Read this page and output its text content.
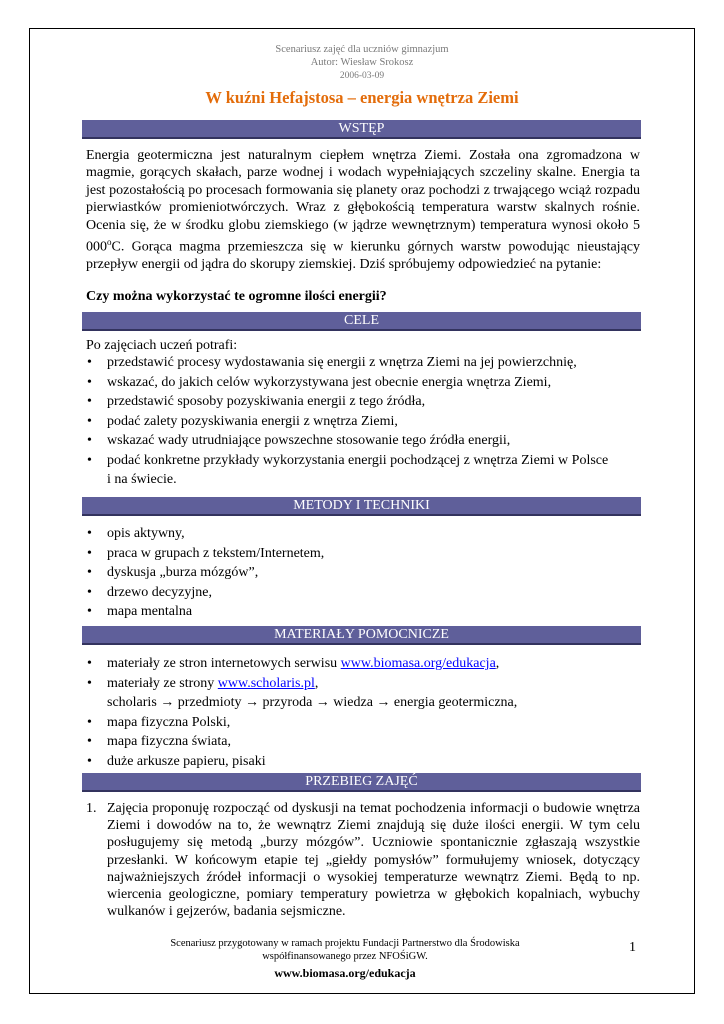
Scenariusz zajęć dla uczniów gimnazjum
Autor: Wiesław Srokosz
2006-03-09
W kuźni Hefajstosa – energia wnętrza Ziemi
WSTĘP

Energia geotermiczna jest naturalnym ciepłem wnętrza Ziemi. Została ona zgromadzona w magmie, gorących skałach, parze wodnej i wodach wypełniających szczeliny skalne. Energia ta jest pozostałością po procesach formowania się planety oraz pochodzi z trwającego wciąż rozpadu pierwiastków promieniotwórczych. Wraz z głębokością temperatura warstw skalnych rośnie. Ocenia się, że w środku globu ziemskiego (w jądrze wewnętrznym) temperatura wynosi około 5 000$^o$C. Gorąca magma przemieszcza się w kierunku górnych warstw powodując nieustający przepływ energii od jądra do skorupy ziemskiej. Dziś spróbujemy odpowiedzieć na pytanie:

Czy można wykorzystać te ogromne ilości energii?

CELE

Po zajęciach uczeń potrafi:

• przedstawić procesy wydostawania się energii z wnętrza Ziemi na jej powierzchnię,
• wskazać, do jakich celów wykorzystywana jest obecnie energia wnętrza Ziemi,
• przedstawić sposoby pozyskiwania energii z tego źródła,
• podać zalety pozyskiwania energii z wnętrza Ziemi,
• wskazać wady utrudniające powszechne stosowanie tego źródła energii,
• podać konkretne przykłady wykorzystania energii pochodzącej z wnętrza Ziemi w Polsce
i na świecie.
METODY I TECHNIKI
• opis aktywny,
• praca w grupach z tekstem/Internetem,
• dyskusja „burza mózgów”,
• drzewo decyzyjne,
• mapa mentalna
MATERIAŁY POMOCNICZE
• materiały ze stron internetowych serwisu www.biomasa.org/edukacja,
• materiały ze strony www.scholaris.pl,
scholaris → przedmioty → przyroda → wiedza → energia geotermiczna,
• mapa fizyczna Polski,
• mapa fizyczna świata,
• duże arkusze papieru, pisaki
PRZEBIEG ZAJĘĆ
1. Zajęcia proponuję rozpocząć od dyskusji na temat pochodzenia informacji o budowie wnętrza Ziemi i dowodów na to, że wewnątrz Ziemi znajdują się duże ilości energii. W tym celu posługujemy się metodą „burzy mózgów”. Uczniowie spontanicznie zgłaszają wszystkie przesłanki. W końcowym etapie tej „giełdy pomysłów” formułujemy wniosek, dotyczący najważniejszych źródeł informacji o wysokiej temperaturze wewnątrz Ziemi. Będą to np. wiercenia geologiczne, pomiary temperatury powietrza w głębokich kopalniach, wybuchy wulkanów i gejzerów, badania sejsmiczne.
Scenariusz przygotowany w ramach projektu Fundacji Partnerstwo dla Środowiska
współfinansowanego przez NFOŚiGW.
www.biomasa.org/edukacja
1
